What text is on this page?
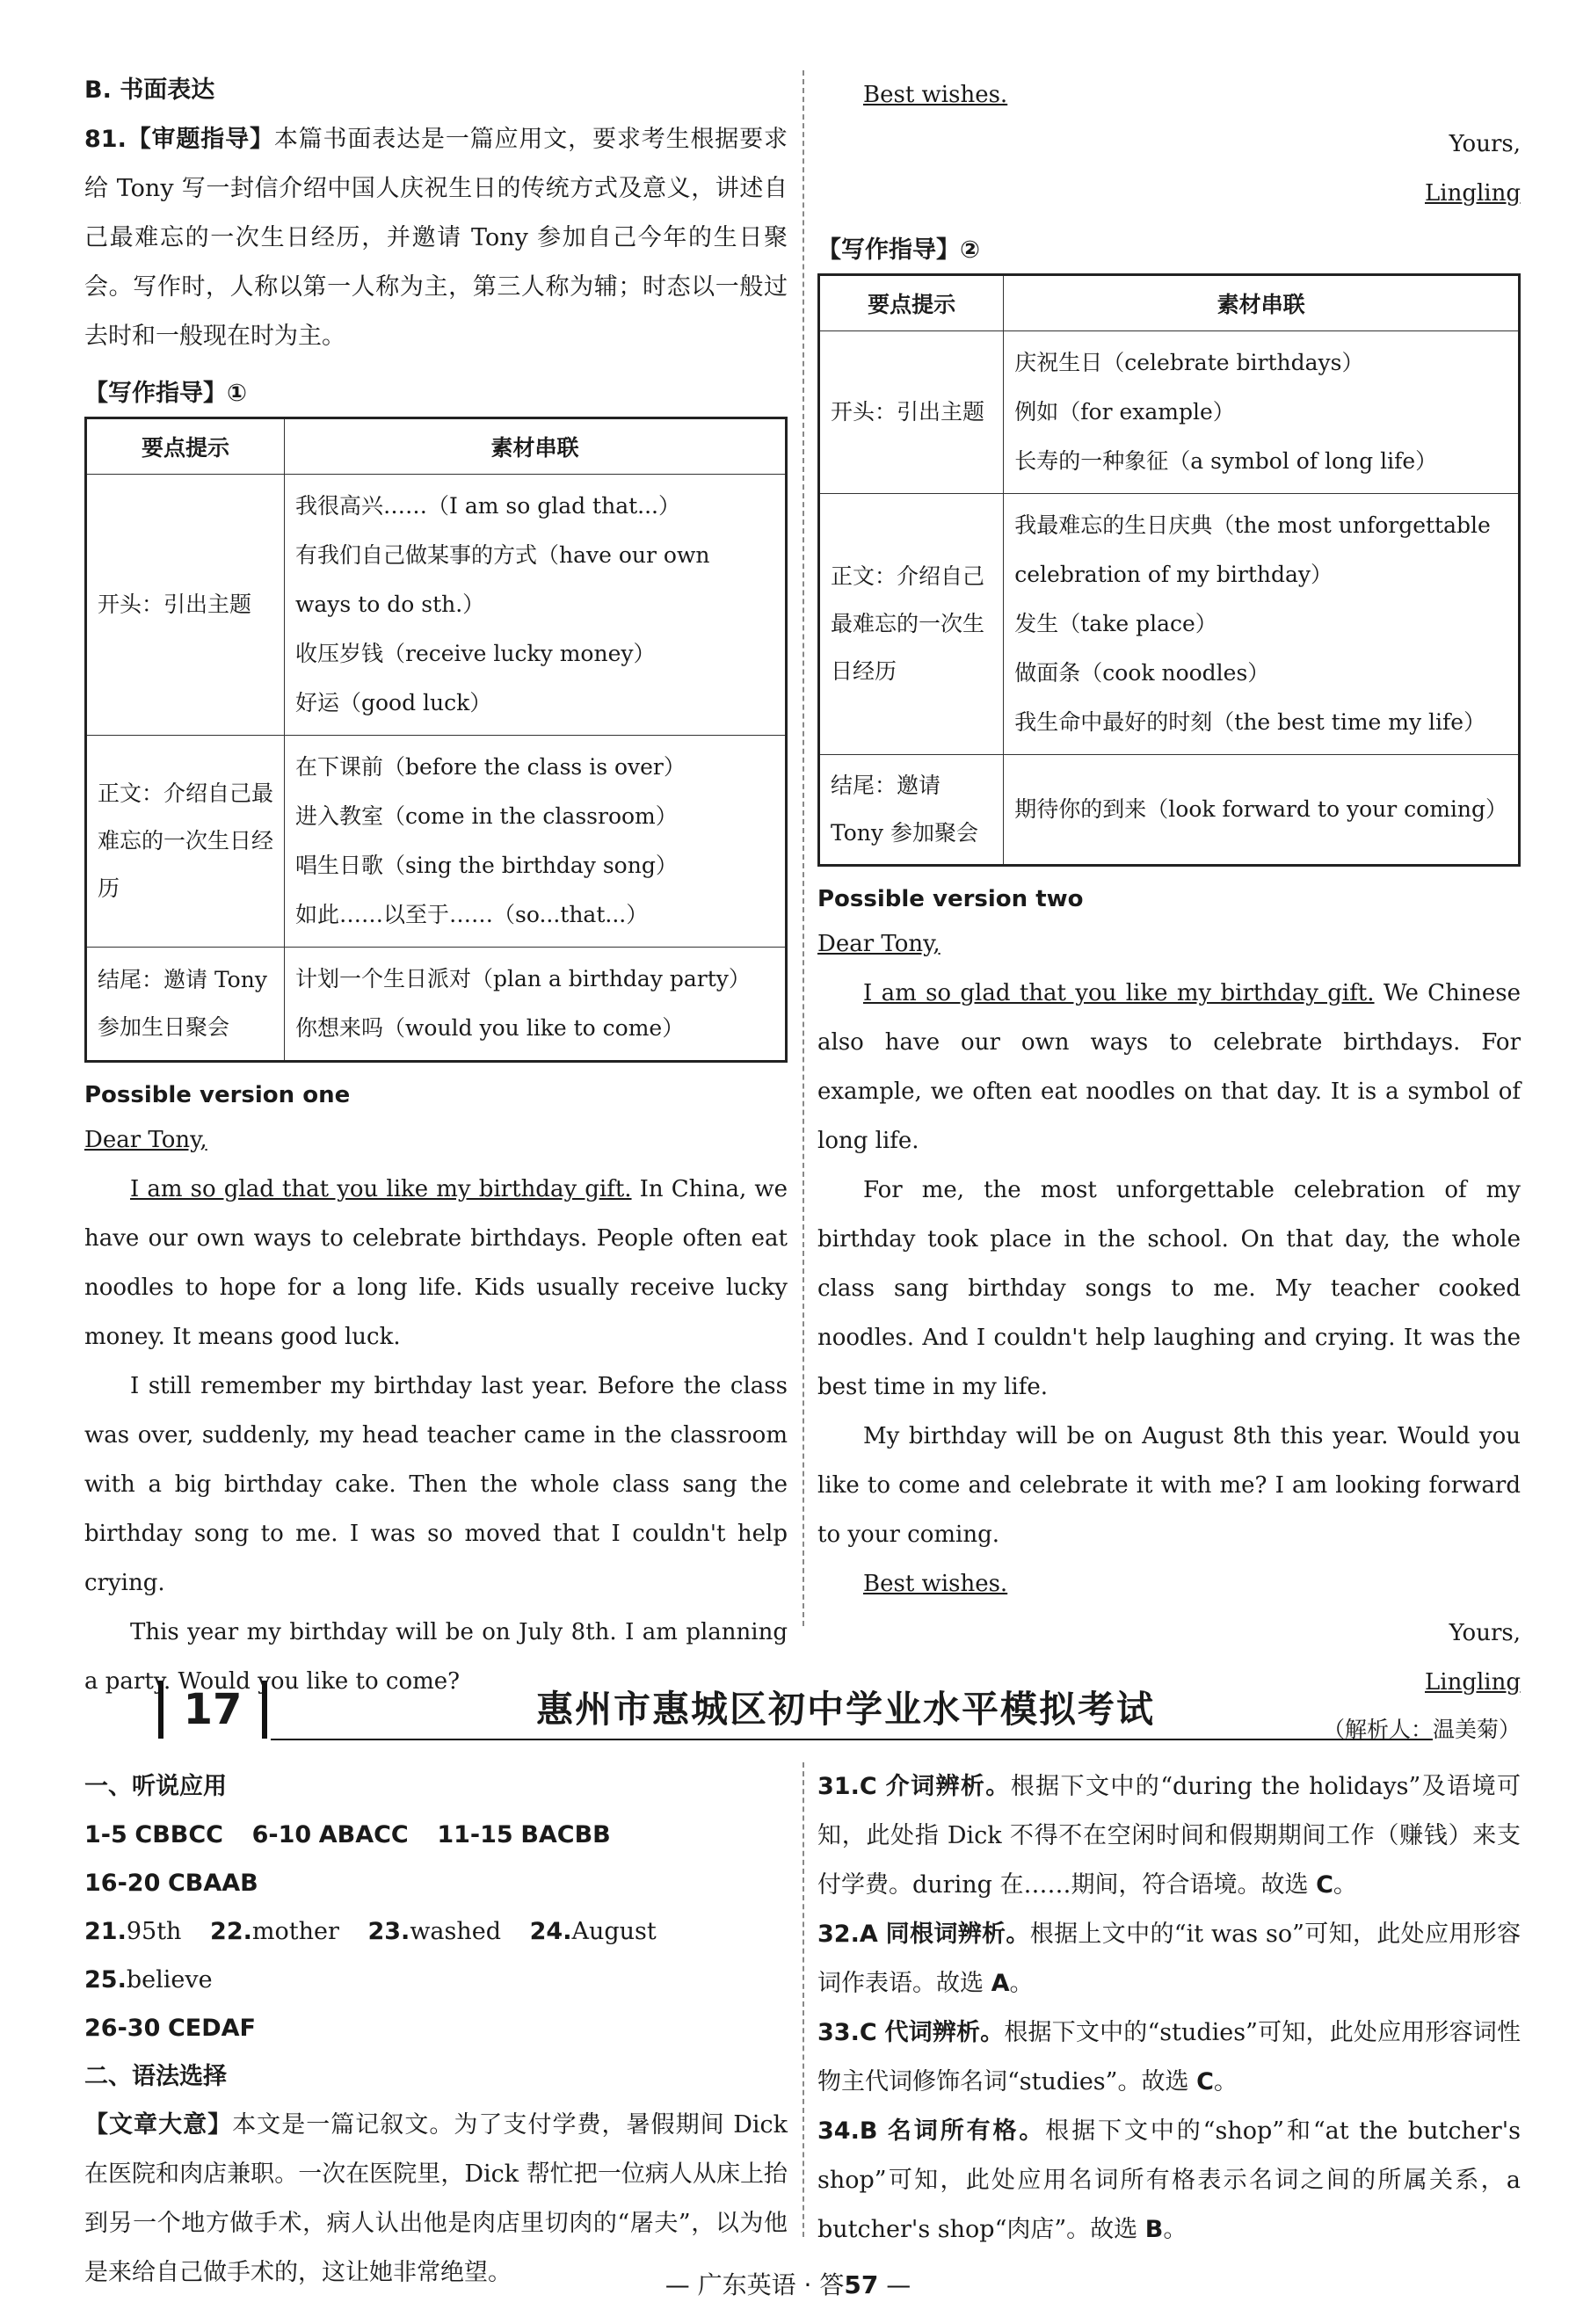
B. 书面表达

81.【审题指导】本篇书面表达是一篇应用文，要求考生根据要求给 Tony 写一封信介绍中国人庆祝生日的传统方式及意义，讲述自己最难忘的一次生日经历，并邀请 Tony 参加自己今年的生日聚会。写作时，人称以第一人称为主，第三人称为辅；时态以一般过去时和一般现在时为主。

【写作指导】①
要点提示	素材串联
开头：引出主题	我很高兴……（I am so glad that...）
有我们自己做某事的方式（have our own
ways to do sth.）
收压岁钱（receive lucky money）
好运（good luck）

正文：介绍自己最难忘的一次生日经历	在下课前（before the class is over）
进入教室（come in the classroom）
唱生日歌（sing the birthday song）
如此……以至于……（so...that...）

结尾：邀请 Tony 参加生日聚会	计划一个生日派对（plan a birthday party）
你想来吗（would you like to come）
Possible version one

Dear Tony,

I am so glad that you like my birthday gift. In China, we have our own ways to celebrate birthdays. People often eat noodles to hope for a long life. Kids usually receive lucky money. It means good luck.

I still remember my birthday last year. Before the class was over, suddenly, my head teacher came in the classroom with a big birthday cake. Then the whole class sang the birthday song to me. I was so moved that I couldn't help crying.

This year my birthday will be on July 8th. I am planning a party. Would you like to come?

Best wishes.

Yours,

Lingling

【写作指导】②
要点提示	素材串联
开头：引出主题	庆祝生日（celebrate birthdays）
例如（for example）
长寿的一种象征（a symbol of long life）

正文：介绍自己最难忘的一次生日经历	我最难忘的生日庆典（the most unforgettable
celebration of my birthday）
发生（take place）
做面条（cook noodles）
我生命中最好的时刻（the best time my life）

结尾：邀请 Tony 参加聚会	期待你的到来（look forward to your coming）
Possible version two

Dear Tony,

I am so glad that you like my birthday gift. We Chinese also have our own ways to celebrate birthdays. For example, we often eat noodles on that day. It is a symbol of long life.

For me, the most unforgettable celebration of my birthday took place in the school. On that day, the whole class sang birthday songs to me. My teacher cooked noodles. And I couldn't help laughing and crying. It was the best time in my life.

My birthday will be on August 8th this year. Would you like to come and celebrate it with me? I am looking forward to your coming.

Best wishes.

Yours,

Lingling

（解析人：温美菊）
17	惠州市惠城区初中学业水平模拟考试
一、听说应用
1-5 CBBCC 6-10 ABACC 11-15 BACBB
16-20 CBAAB
21.95th 22.mother 23.washed 24.August 25.believe
26-30 CEDAF
二、语法选择

【文章大意】本文是一篇记叙文。为了支付学费，暑假期间 Dick 在医院和肉店兼职。一次在医院里，Dick 帮忙把一位病人从床上抬到另一个地方做手术，病人认出他是肉店里切肉的“屠夫”，以为他是来给自己做手术的，这让她非常绝望。

31.C 介词辨析。根据下文中的“during the holidays”及语境可知，此处指 Dick 不得不在空闲时间和假期期间工作（赚钱）来支付学费。during 在……期间，符合语境。故选 C。

32.A 同根词辨析。根据上文中的“it was so”可知，此处应用形容词作表语。故选 A。

33.C 代词辨析。根据下文中的“studies”可知，此处应用形容词性物主代词修饰名词“studies”。故选 C。

34.B 名词所有格。根据下文中的“shop”和“at the butcher's shop”可知，此处应用名词所有格表示名词之间的所属关系，a butcher's shop“肉店”。故选 B。

— 广东英语 · 答57 —
